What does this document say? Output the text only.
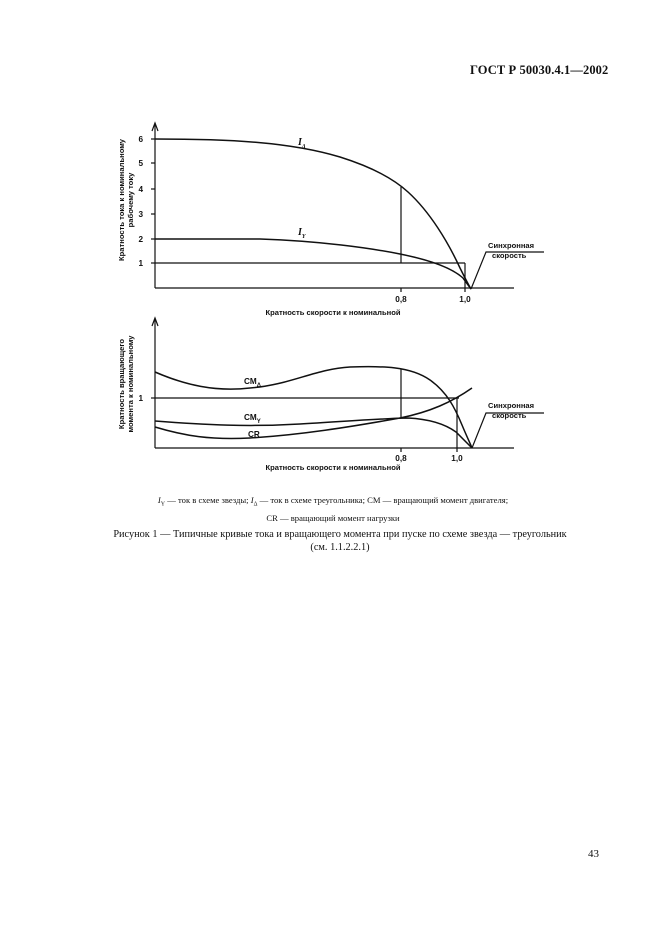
ГОСТ Р 50030.4.1—2002
1
2
3
4
5
6
0,8	1,0
Кратность скорости к номинальной
Кратность тока к номинальному рабочему току
$I_\Delta$
$I_Y$
Синхронная
скорость
1
0,8	1,0
Кратность скорости к номинальной
Кратность вращающего момента к номинальному	$CM_\Delta$
$CM_Y$
CR
Синхронная
скорость
$I_Y$ — ток в схеме звезды; $I_\Delta$ — ток в схеме треугольника; CM — вращающий момент двигателя;
CR — вращающий момент нагрузки
Рисунок 1 — Типичные кривые тока и вращающего момента при пуске по схеме звезда — треугольник
(см. 1.1.2.2.1)
43
